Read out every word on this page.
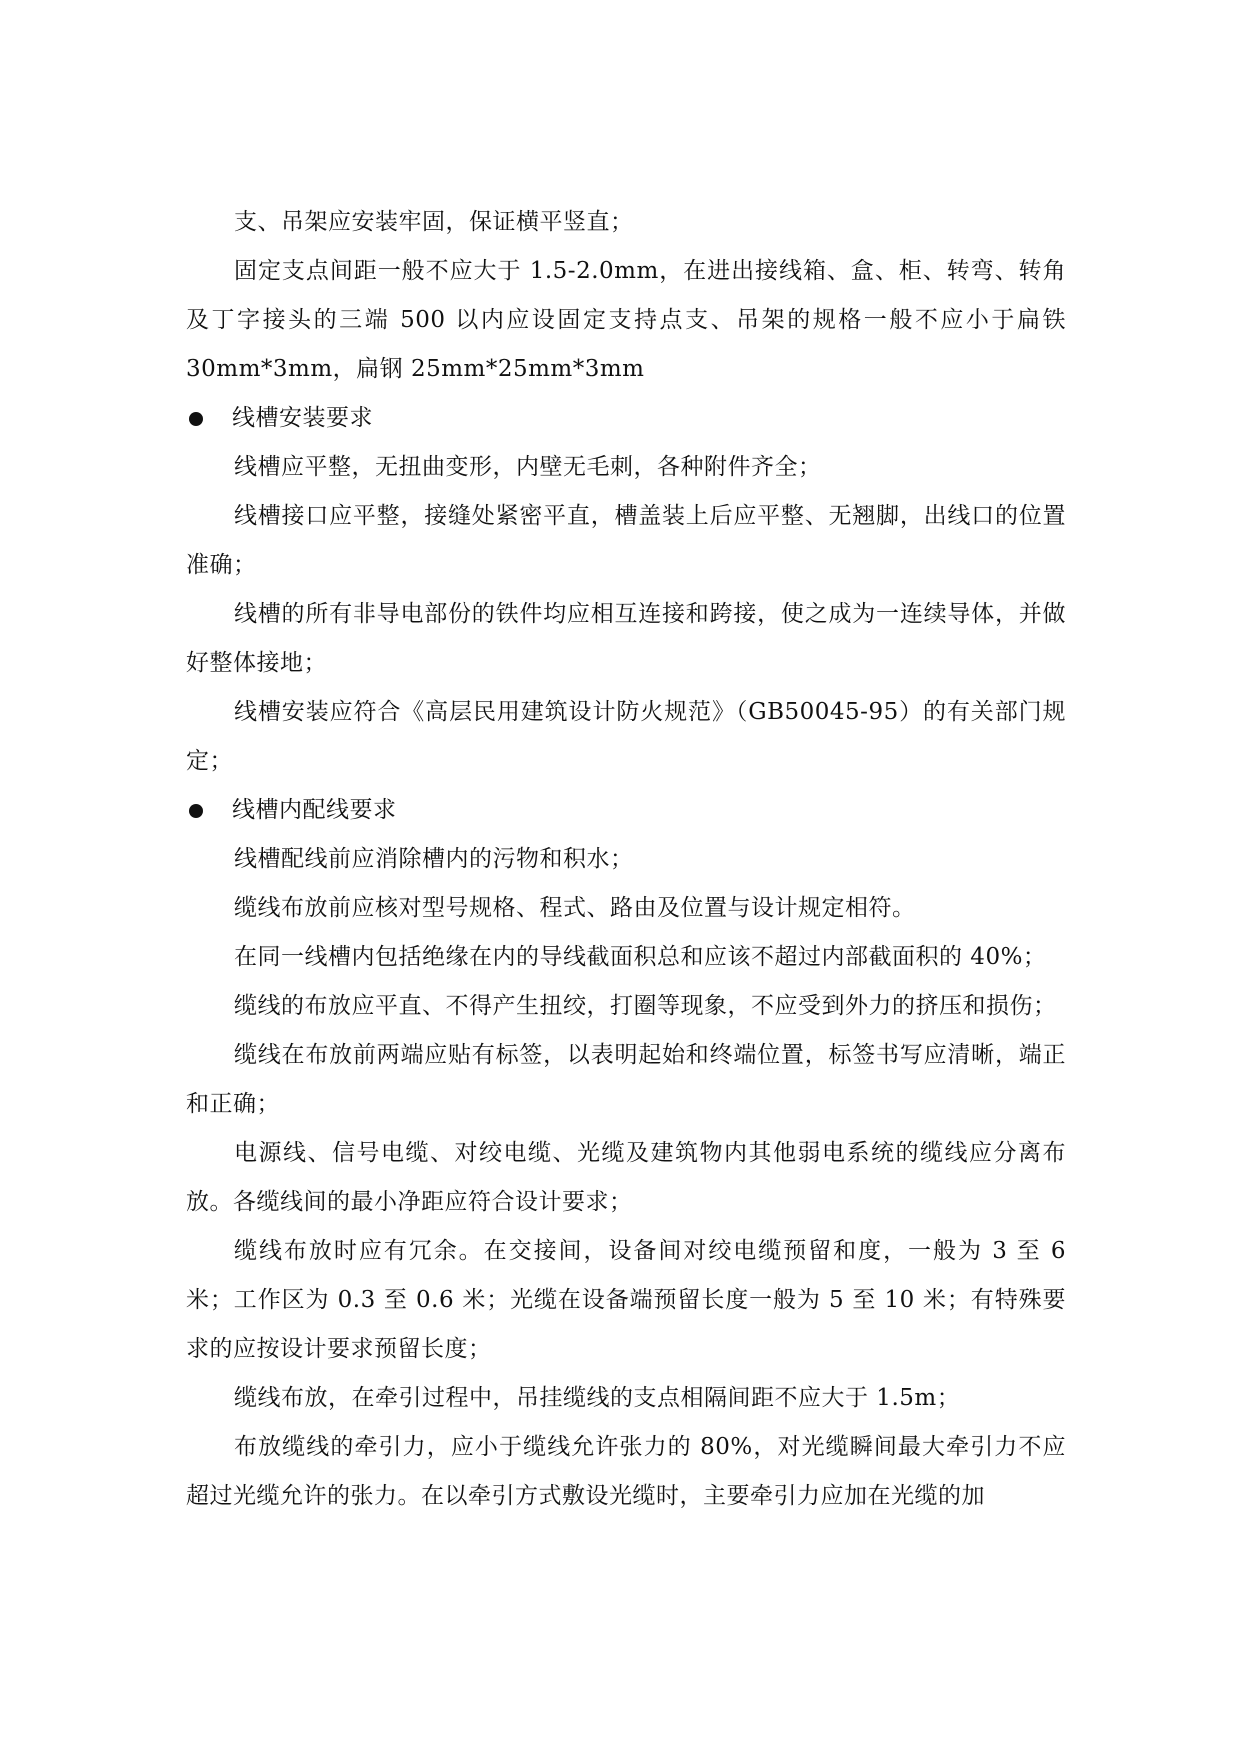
支、吊架应安装牢固，保证横平竖直；

固定支点间距一般不应大于 1.5-2.0mm，在进出接线箱、盒、柜、转弯、转角及丁字接头的三端 500 以内应设固定支持点支、吊架的规格一般不应小于扁铁 30mm*3mm，扁钢 25mm*25mm*3mm

线槽安装要求

线槽应平整，无扭曲变形，内壁无毛刺，各种附件齐全；

线槽接口应平整，接缝处紧密平直，槽盖装上后应平整、无翘脚，出线口的位置准确；

线槽的所有非导电部份的铁件均应相互连接和跨接，使之成为一连续导体，并做好整体接地；

线槽安装应符合《高层民用建筑设计防火规范》（GB50045-95）的有关部门规定；

线槽内配线要求

线槽配线前应消除槽内的污物和积水；

缆线布放前应核对型号规格、程式、路由及位置与设计规定相符。

在同一线槽内包括绝缘在内的导线截面积总和应该不超过内部截面积的 40%；

缆线的布放应平直、不得产生扭绞，打圈等现象，不应受到外力的挤压和损伤；

缆线在布放前两端应贴有标签，以表明起始和终端位置，标签书写应清晰，端正和正确；

电源线、信号电缆、对绞电缆、光缆及建筑物内其他弱电系统的缆线应分离布放。各缆线间的最小净距应符合设计要求；

缆线布放时应有冗余。在交接间，设备间对绞电缆预留和度，一般为 3 至 6 米；工作区为 0.3 至 0.6 米；光缆在设备端预留长度一般为 5 至 10 米；有特殊要求的应按设计要求预留长度；

缆线布放，在牵引过程中，吊挂缆线的支点相隔间距不应大于 1.5m；

布放缆线的牵引力，应小于缆线允许张力的 80%，对光缆瞬间最大牵引力不应超过光缆允许的张力。在以牵引方式敷设光缆时，主要牵引力应加在光缆的加
